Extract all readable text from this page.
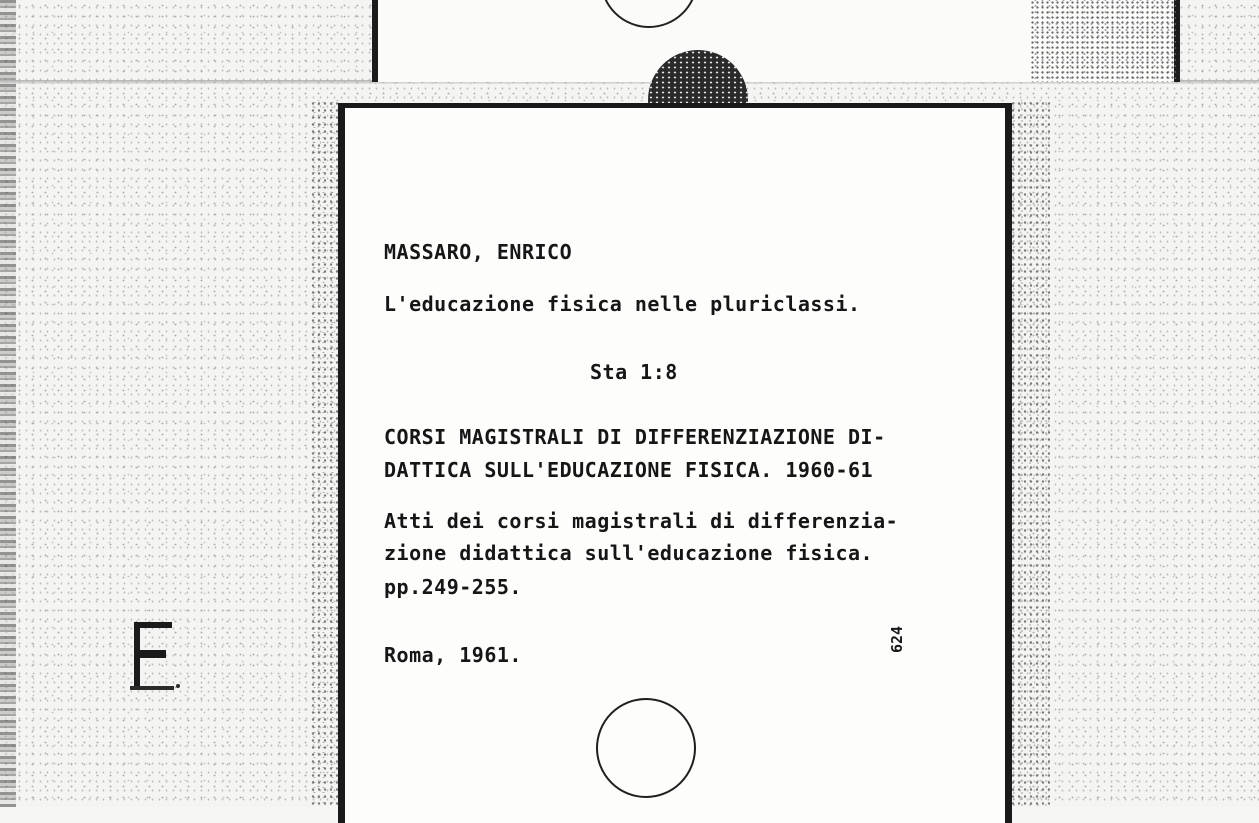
MASSARO, ENRICO

L'educazione fisica nelle pluriclassi.

Sta 1:8

CORSI MAGISTRALI DI DIFFERENZIAZIONE DI-

DATTICA SULL'EDUCAZIONE FISICA. 1960-61

Atti dei corsi magistrali di differenzia-

zione didattica sull'educazione fisica.

pp.249-255.

Roma, 1961.

624
